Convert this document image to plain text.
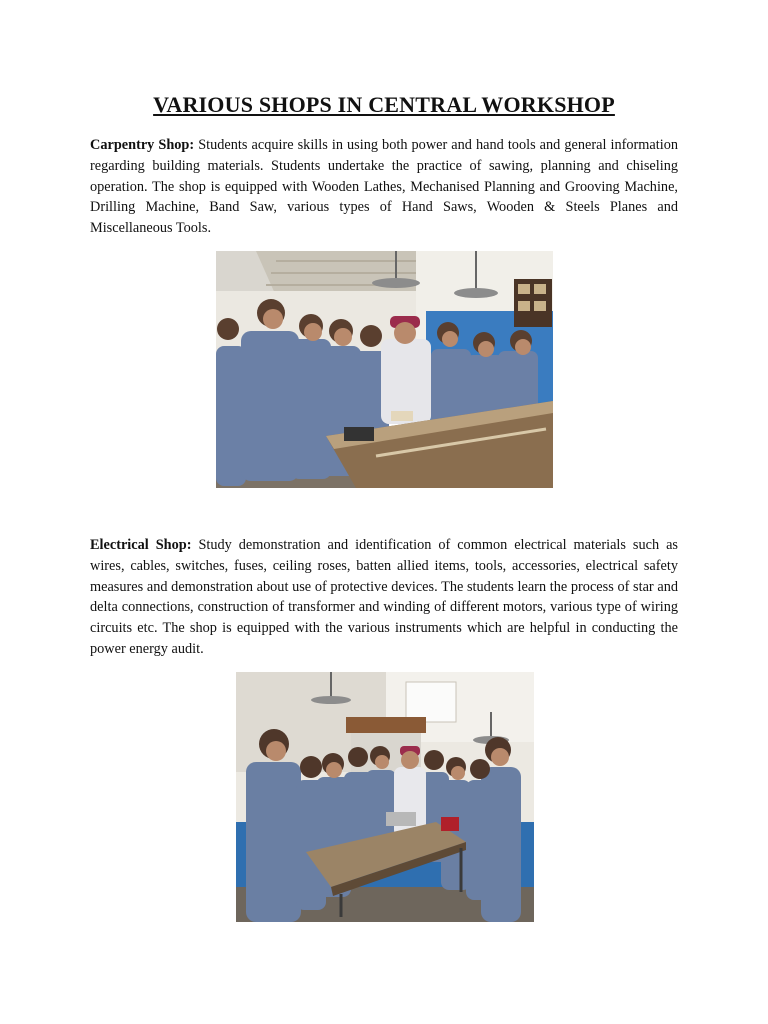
VARIOUS SHOPS IN CENTRAL WORKSHOP

Carpentry Shop: Students acquire skills in using both power and hand tools and general information regarding building materials. Students undertake the practice of sawing, planning and chiseling operation. The shop is equipped with Wooden Lathes, Mechanised Planning and Grooving Machine, Drilling Machine, Band Saw, various types of Hand Saws, Wooden & Steels Planes and Miscellaneous Tools.

Electrical Shop: Study demonstration and identification of common electrical materials such as wires, cables, switches, fuses, ceiling roses, batten allied items, tools, accessories, electrical safety measures and demonstration about use of protective devices. The students learn the process of star and delta connections, construction of transformer and winding of different motors, various type of wiring circuits etc. The shop is equipped with the various instruments which are helpful in conducting the power energy audit.
